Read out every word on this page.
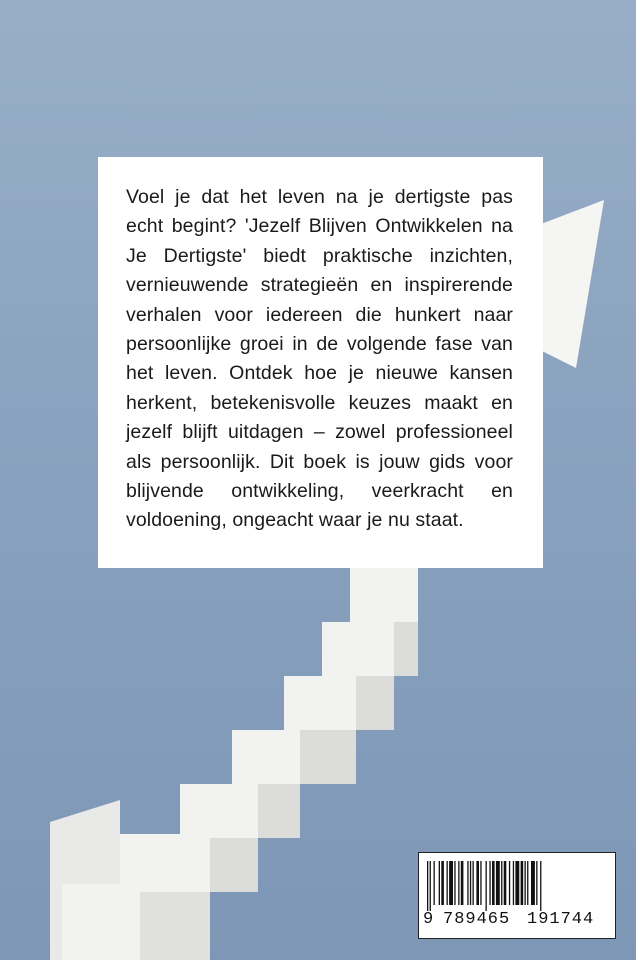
Voel je dat het leven na je dertigste pas echt begint? 'Jezelf Blijven Ontwikkelen na Je Dertigste' biedt praktische inzichten, vernieuwende strategieën en inspirerende verhalen voor iedereen die hunkert naar persoonlijke groei in de volgende fase van het leven. Ontdek hoe je nieuwe kansen herkent, betekenisvolle keuzes maakt en jezelf blijft uitdagen – zowel professioneel als persoonlijk. Dit boek is jouw gids voor blijvende ontwikkeling, veerkracht en voldoening, ongeacht waar je nu staat.

9 789465 191744
